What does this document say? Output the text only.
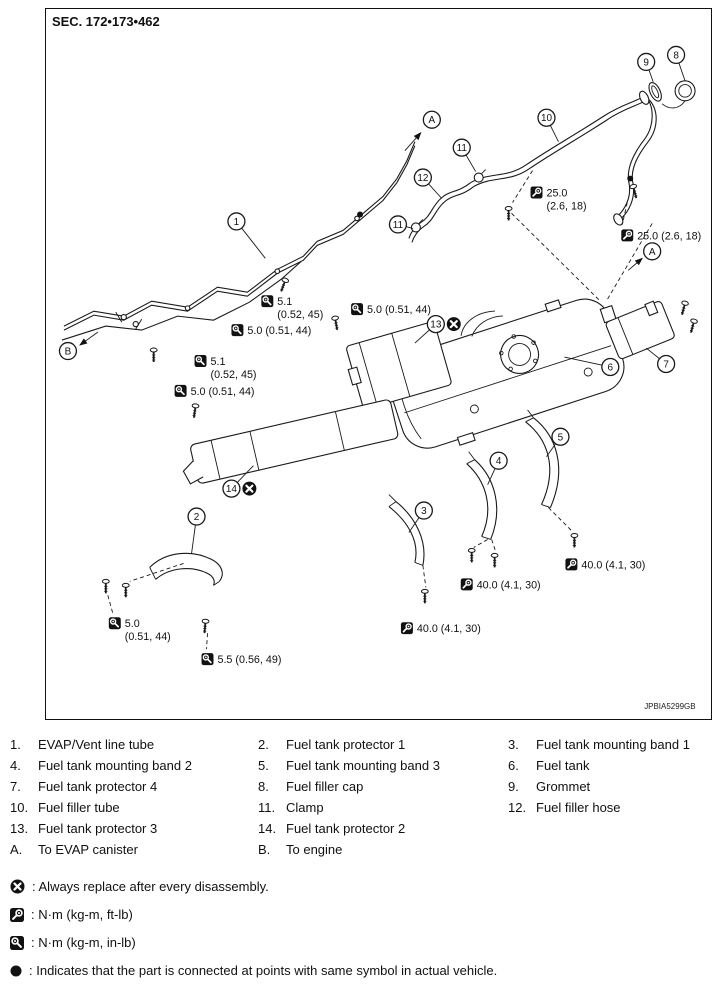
25.0
(2.6, 18)
25.0 (2.6, 18)
5.1
(0.52, 45)
5.0 (0.51, 44)
5.0 (0.51, 44)
5.1
(0.52, 45)
5.0 (0.51, 44)
5.0
(0.51, 44)
5.5 (0.56, 49)
40.0 (4.1, 30)
40.0 (4.1, 30)
40.0 (4.1, 30)
1
2
3
4
5
6	7
8
9
10
11
11
12
13
14
A
A
B
SEC. 172•173•462
JPBIA5299GB
1.	EVAP/Vent line tube	2.	Fuel tank protector 1	3.	Fuel tank mounting band 1
4.	Fuel tank mounting band 2	5.	Fuel tank mounting band 3	6.	Fuel tank
7.	Fuel tank protector 4	8.	Fuel filler cap	9.	Grommet
10. Fuel filler tube	11. Clamp	12. Fuel filler hose
13. Fuel tank protector 3	14. Fuel tank protector 2
A.	To EVAP canister	B.	To engine
: Always replace after every disassembly.
: N·m (kg-m, ft-lb)
: N·m (kg-m, in-lb)
: Indicates that the part is connected at points with same symbol in actual vehicle.
